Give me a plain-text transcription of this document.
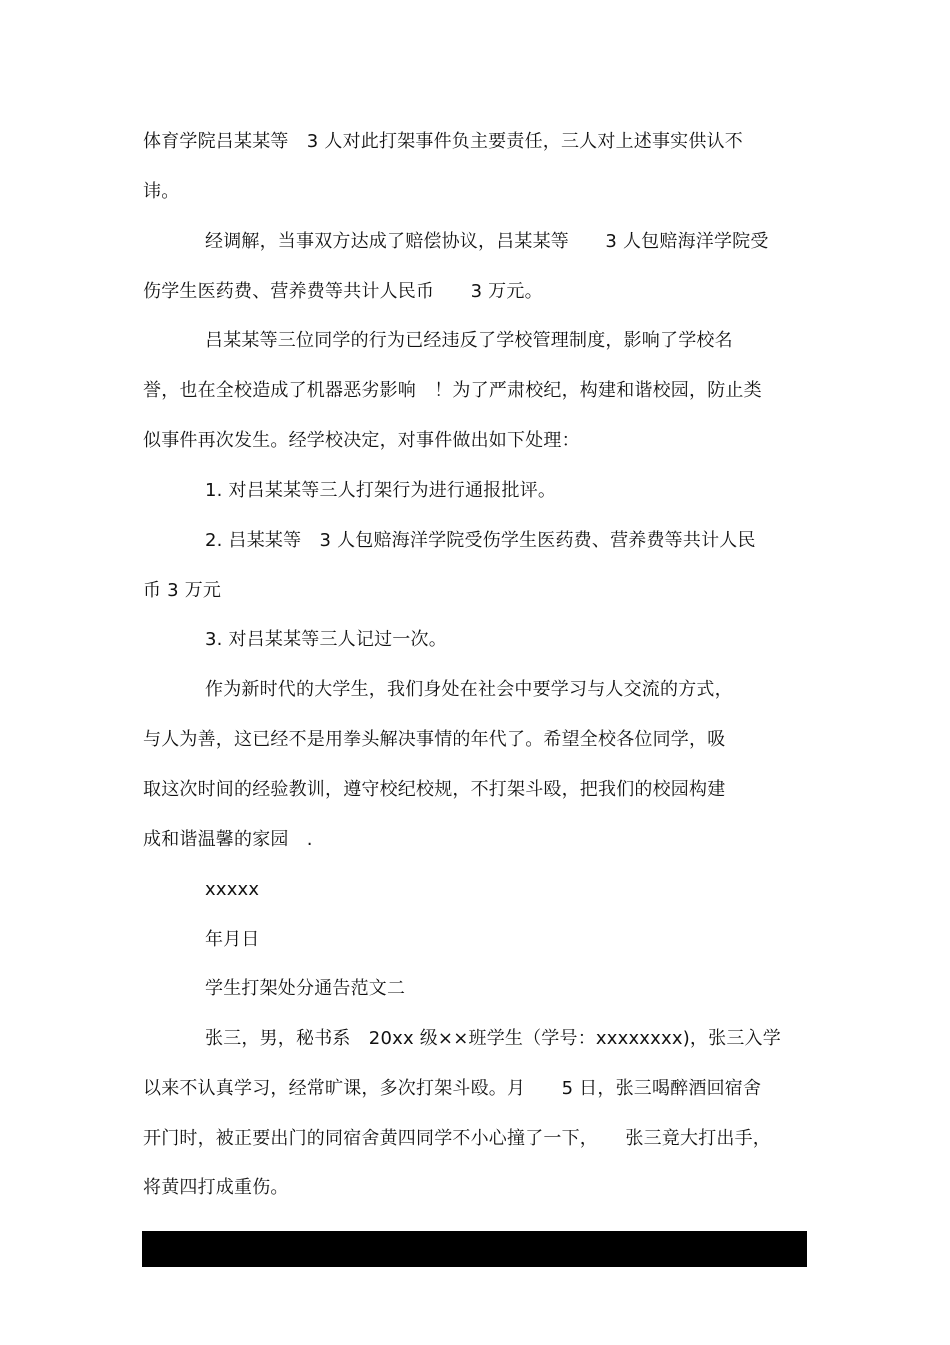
体育学院吕某某等　3 人对此打架事件负主要责任，三人对上述事实供认不
讳。
经调解，当事双方达成了赔偿协议，吕某某等　　3 人包赔海洋学院受
伤学生医药费、营养费等共计人民币　　3 万元。
吕某某等三位同学的行为已经违反了学校管理制度，影响了学校名
誉，也在全校造成了机器恶劣影响　！为了严肃校纪，构建和谐校园，防止类
似事件再次发生。经学校决定，对事件做出如下处理：
1. 对吕某某等三人打架行为进行通报批评。
2. 吕某某等　3 人包赔海洋学院受伤学生医药费、营养费等共计人民
币 3 万元
3. 对吕某某等三人记过一次。
作为新时代的大学生，我们身处在社会中要学习与人交流的方式，
与人为善，这已经不是用拳头解决事情的年代了。希望全校各位同学，吸
取这次时间的经验教训，遵守校纪校规，不打架斗殴，把我们的校园构建
成和谐温馨的家园　.
xxxxx
年月日
学生打架处分通告范文二
张三，男，秘书系　20xx 级××班学生（学号：xxxxxxxx)，张三入学
以来不认真学习，经常旷课，多次打架斗殴。月　　5 日，张三喝醉酒回宿舍
开门时，被正要出门的同宿舍黄四同学不小心撞了一下，　　张三竟大打出手，
将黄四打成重伤。
